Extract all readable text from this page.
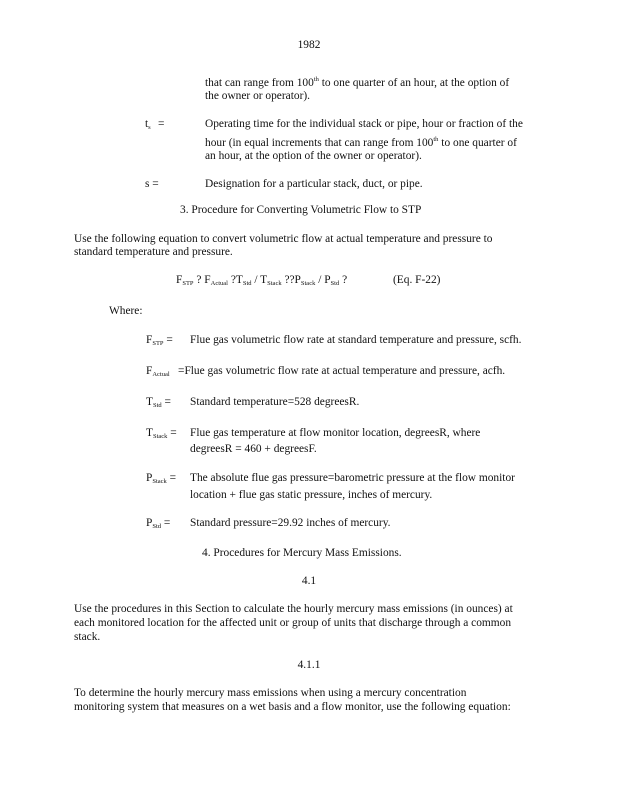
1982
that can range from 100th to one quarter of an hour, at the option of
the owner or operator).
$t_s$ =	Operating time for the individual stack or pipe, hour or fraction of the
hour (in equal increments that can range from 100th to one quarter of
an hour, at the option of the owner or operator).
s =	Designation for a particular stack, duct, or pipe.
3. Procedure for Converting Volumetric Flow to STP
Use the following equation to convert volumetric flow at actual temperature and pressure to
standard temperature and pressure.
$F_{STP}$ ? $F_{Actual}$ $?T_{Std} / T_{Stack}$ $??P_{Stack} / P_{Std}$ ?	(Eq. F-22)
Where:
$F_{STP}$ = Flue gas volumetric flow rate at standard temperature and pressure, scfh.
$F_{Actual}$ =Flue gas volumetric flow rate at actual temperature and pressure, acfh.
$T_{Std}$ = Standard temperature=528 degreesR.
$T_{Stack}$ = Flue gas temperature at flow monitor location, degreesR, where
degreesR = 460 + degreesF.
$P_{Stack}$ = The absolute flue gas pressure=barometric pressure at the flow monitor
location + flue gas static pressure, inches of mercury.
$P_{Std}$ = Standard pressure=29.92 inches of mercury.
4. Procedures for Mercury Mass Emissions.
4.1
Use the procedures in this Section to calculate the hourly mercury mass emissions (in ounces) at
each monitored location for the affected unit or group of units that discharge through a common
stack.
4.1.1
To determine the hourly mercury mass emissions when using a mercury concentration
monitoring system that measures on a wet basis and a flow monitor, use the following equation:
